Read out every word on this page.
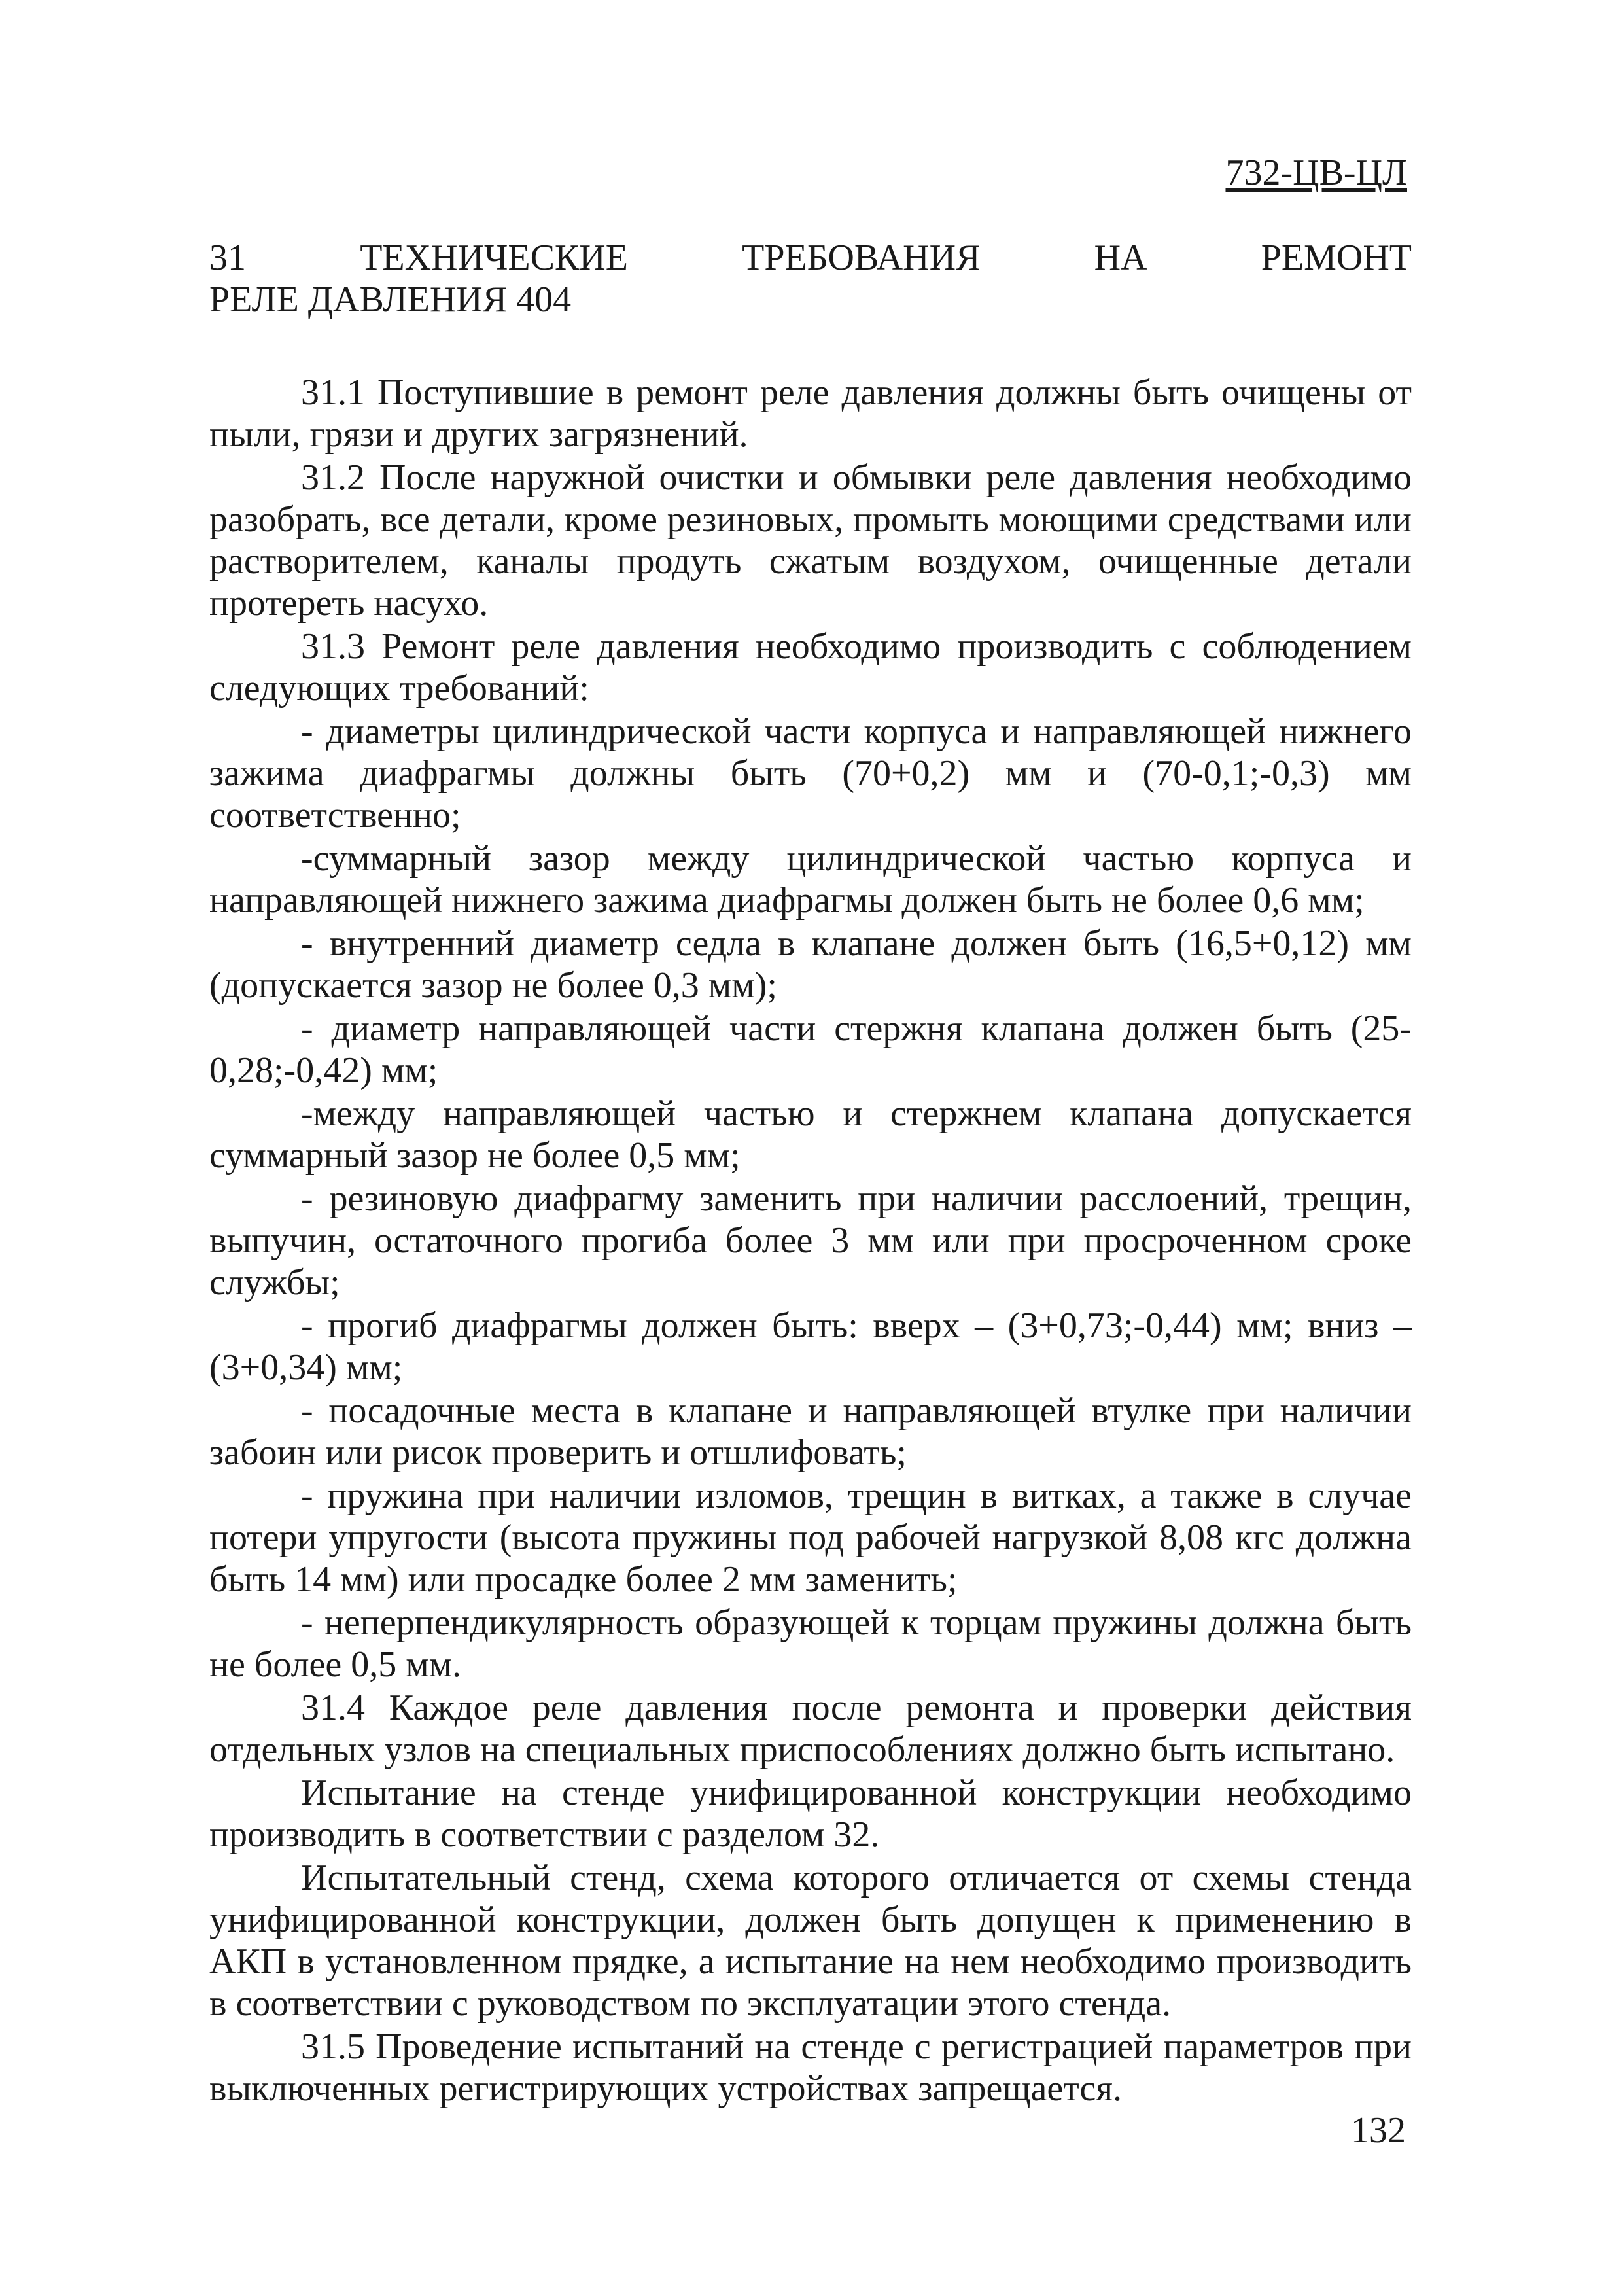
732-ЦВ-ЦЛ
31 ТЕХНИЧЕСКИЕ ТРЕБОВАНИЯ НА РЕМОНТ
РЕЛЕ ДАВЛЕНИЯ 404

31.1 Поступившие в ремонт реле давления должны быть очищены от пыли, грязи и других загрязнений.

31.2 После наружной очистки и обмывки реле давления необходимо разобрать, все детали, кроме резиновых, промыть моющими средствами или растворителем, каналы продуть сжатым воздухом, очищенные детали протереть насухо.

31.3 Ремонт реле давления необходимо производить с соблюдением следующих требований:

- диаметры цилиндрической части корпуса и направляющей нижнего зажима диафрагмы должны быть (70+0,2) мм и (70-0,1;-0,3) мм соответственно;

-суммарный зазор между цилиндрической частью корпуса и направляющей нижнего зажима диафрагмы должен быть не более 0,6 мм;

- внутренний диаметр седла в клапане должен быть (16,5+0,12) мм (допускается зазор не более 0,3 мм);

- диаметр направляющей части стержня клапана должен быть (25-0,28;-0,42) мм;

-между направляющей частью и стержнем клапана допускается суммарный зазор не более 0,5 мм;

- резиновую диафрагму заменить при наличии расслоений, трещин, выпучин, остаточного прогиба более 3 мм или при просроченном сроке службы;

- прогиб диафрагмы должен быть: вверх – (3+0,73;-0,44) мм; вниз – (3+0,34) мм;

- посадочные места в клапане и направляющей втулке при наличии забоин или рисок проверить и отшлифовать;

- пружина при наличии изломов, трещин в витках, а также в случае потери упругости (высота пружины под рабочей нагрузкой 8,08 кгс должна быть 14 мм) или просадке более 2 мм заменить;

- неперпендикулярность образующей к торцам пружины должна быть не более 0,5 мм.

31.4 Каждое реле давления после ремонта и проверки действия отдельных узлов на специальных приспособлениях должно быть испытано.

Испытание на стенде унифицированной конструкции необходимо производить в соответствии с разделом 32.

Испытательный стенд, схема которого отличается от схемы стенда унифицированной конструкции, должен быть допущен к применению в АКП в установленном прядке, а испытание на нем необходимо производить в соответствии с руководством по эксплуатации этого стенда.

31.5 Проведение испытаний на стенде с регистрацией параметров при выключенных регистрирующих устройствах запрещается.

132
